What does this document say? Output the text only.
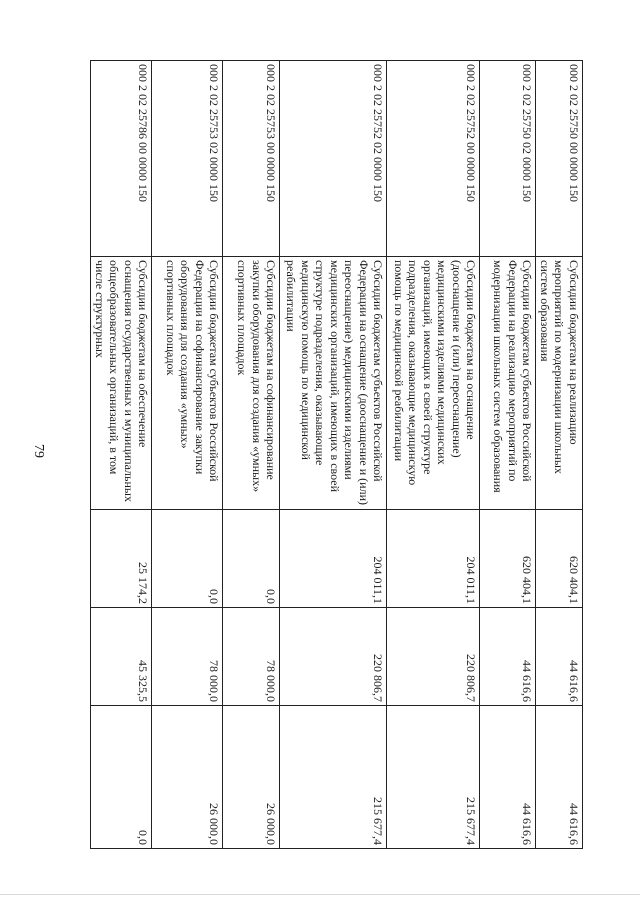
79
000 2 02 25750 00 0000 150	Субсидии бюджетам на реализацию мероприятий по модернизации школьных систем образования	620 404,1	44 616,6	44 616,6
000 2 02 25750 02 0000 150	Субсидии бюджетам субъектов Российской Федерации на реализацию мероприятий по модернизации школьных систем образования	620 404,1	44 616,6	44 616,6
000 2 02 25752 00 0000 150	Субсидии бюджетам на оснащение (дооснащение и (или) переоснащение) медицинскими изделиями медицинских организаций, имеющих в своей структуре подразделения, оказывающие медицинскую помощь по медицинской реабилитации	204 011,1	220 806,7	215 677,4
000 2 02 25752 02 0000 150	Субсидии бюджетам субъектов Российской Федерации на оснащение (дооснащение и (или) переоснащение) медицинскими изделиями медицинских организаций, имеющих в своей структуре подразделения, оказывающие медицинскую помощь по медицинской реабилитации	204 011,1	220 806,7	215 677,4
000 2 02 25753 00 0000 150	Субсидии бюджетам на софинансирование закупки оборудования для создания «умных» спортивных площадок	0,0	78 000,0	26 000,0
000 2 02 25753 02 0000 150	Субсидии бюджетам субъектов Российской Федерации на софинансирование закупки оборудования для создания «умных» спортивных площадок	0,0	78 000,0	26 000,0
000 2 02 25786 00 0000 150	Субсидии бюджетам на обеспечение оснащения государственных и муниципальных общеобразовательных организаций, в том числе структурных	25 174,2	45 325,5	0,0
